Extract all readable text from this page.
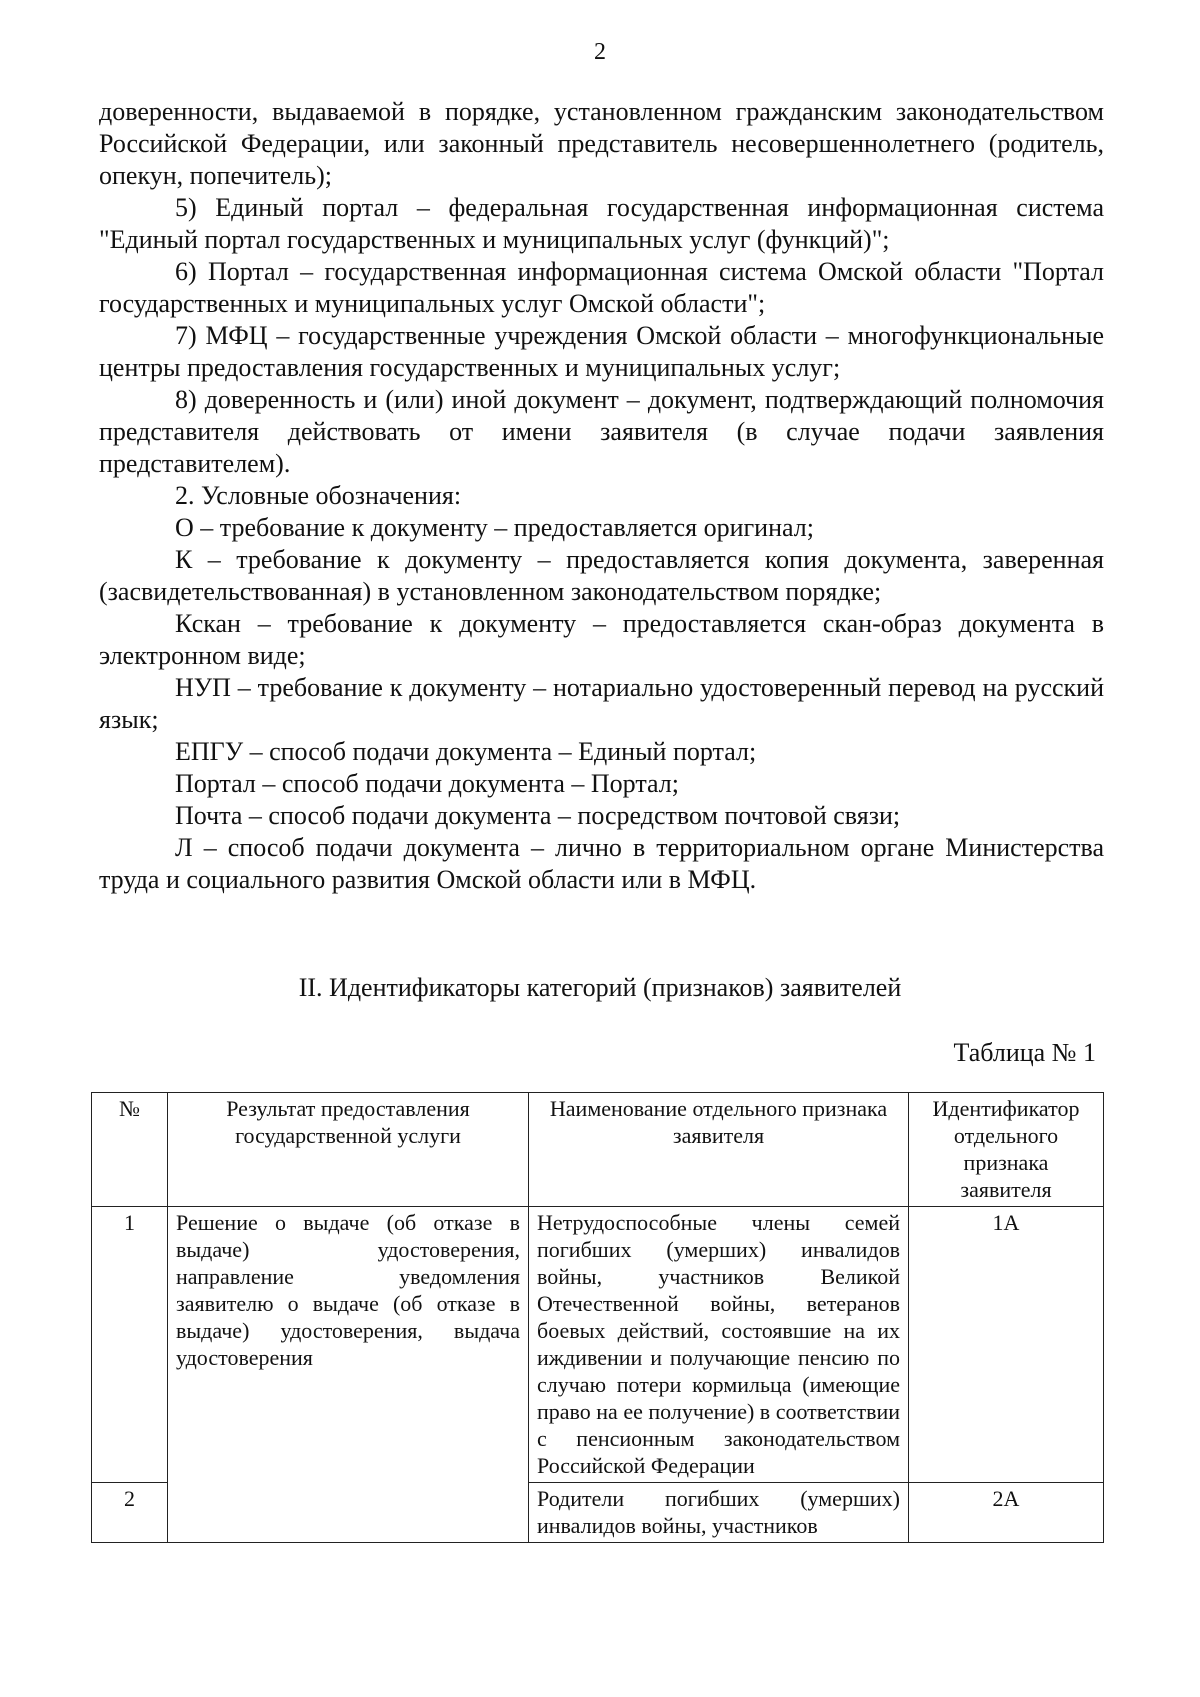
2

доверенности, выдаваемой в порядке, установленном гражданским законодательством Российской Федерации, или законный представитель несовершеннолетнего (родитель, опекун, попечитель);

5) Единый портал – федеральная государственная информационная система "Единый портал государственных и муниципальных услуг (функций)";

6) Портал – государственная информационная система Омской области "Портал государственных и муниципальных услуг Омской области";

7) МФЦ – государственные учреждения Омской области – многофункциональные центры предоставления государственных и муниципальных услуг;

8) доверенность и (или) иной документ – документ, подтверждающий полномочия представителя действовать от имени заявителя (в случае подачи заявления представителем).

2. Условные обозначения:

О – требование к документу – предоставляется оригинал;

К – требование к документу – предоставляется копия документа, заверенная (засвидетельствованная) в установленном законодательством порядке;

Кскан – требование к документу – предоставляется скан-образ документа в электронном виде;

НУП – требование к документу – нотариально удостоверенный перевод на русский язык;

ЕПГУ – способ подачи документа – Единый портал;

Портал – способ подачи документа – Портал;

Почта – способ подачи документа – посредством почтовой связи;

Л – способ подачи документа – лично в территориальном органе Министерства труда и социального развития Омской области или в МФЦ.

II. Идентификаторы категорий (признаков) заявителей
Таблица № 1
№	Результат предоставления государственной услуги	Наименование отдельного признака заявителя	Идентификатор отдельного признака заявителя
1	Решение о выдаче (об отказе в выдаче) удостоверения, направление уведомления заявителю о выдаче (об отказе в выдаче) удостоверения, выдача удостоверения	Нетрудоспособные члены семей погибших (умерших) инвалидов войны, участников Великой Отечественной войны, ветеранов боевых действий, состоявшие на их иждивении и получающие пенсию по случаю потери кормильца (имеющие право на ее получение) в соответствии с пенсионным законодательством Российской Федерации	1А
2		Родители погибших (умерших) инвалидов войны, участников	2А
